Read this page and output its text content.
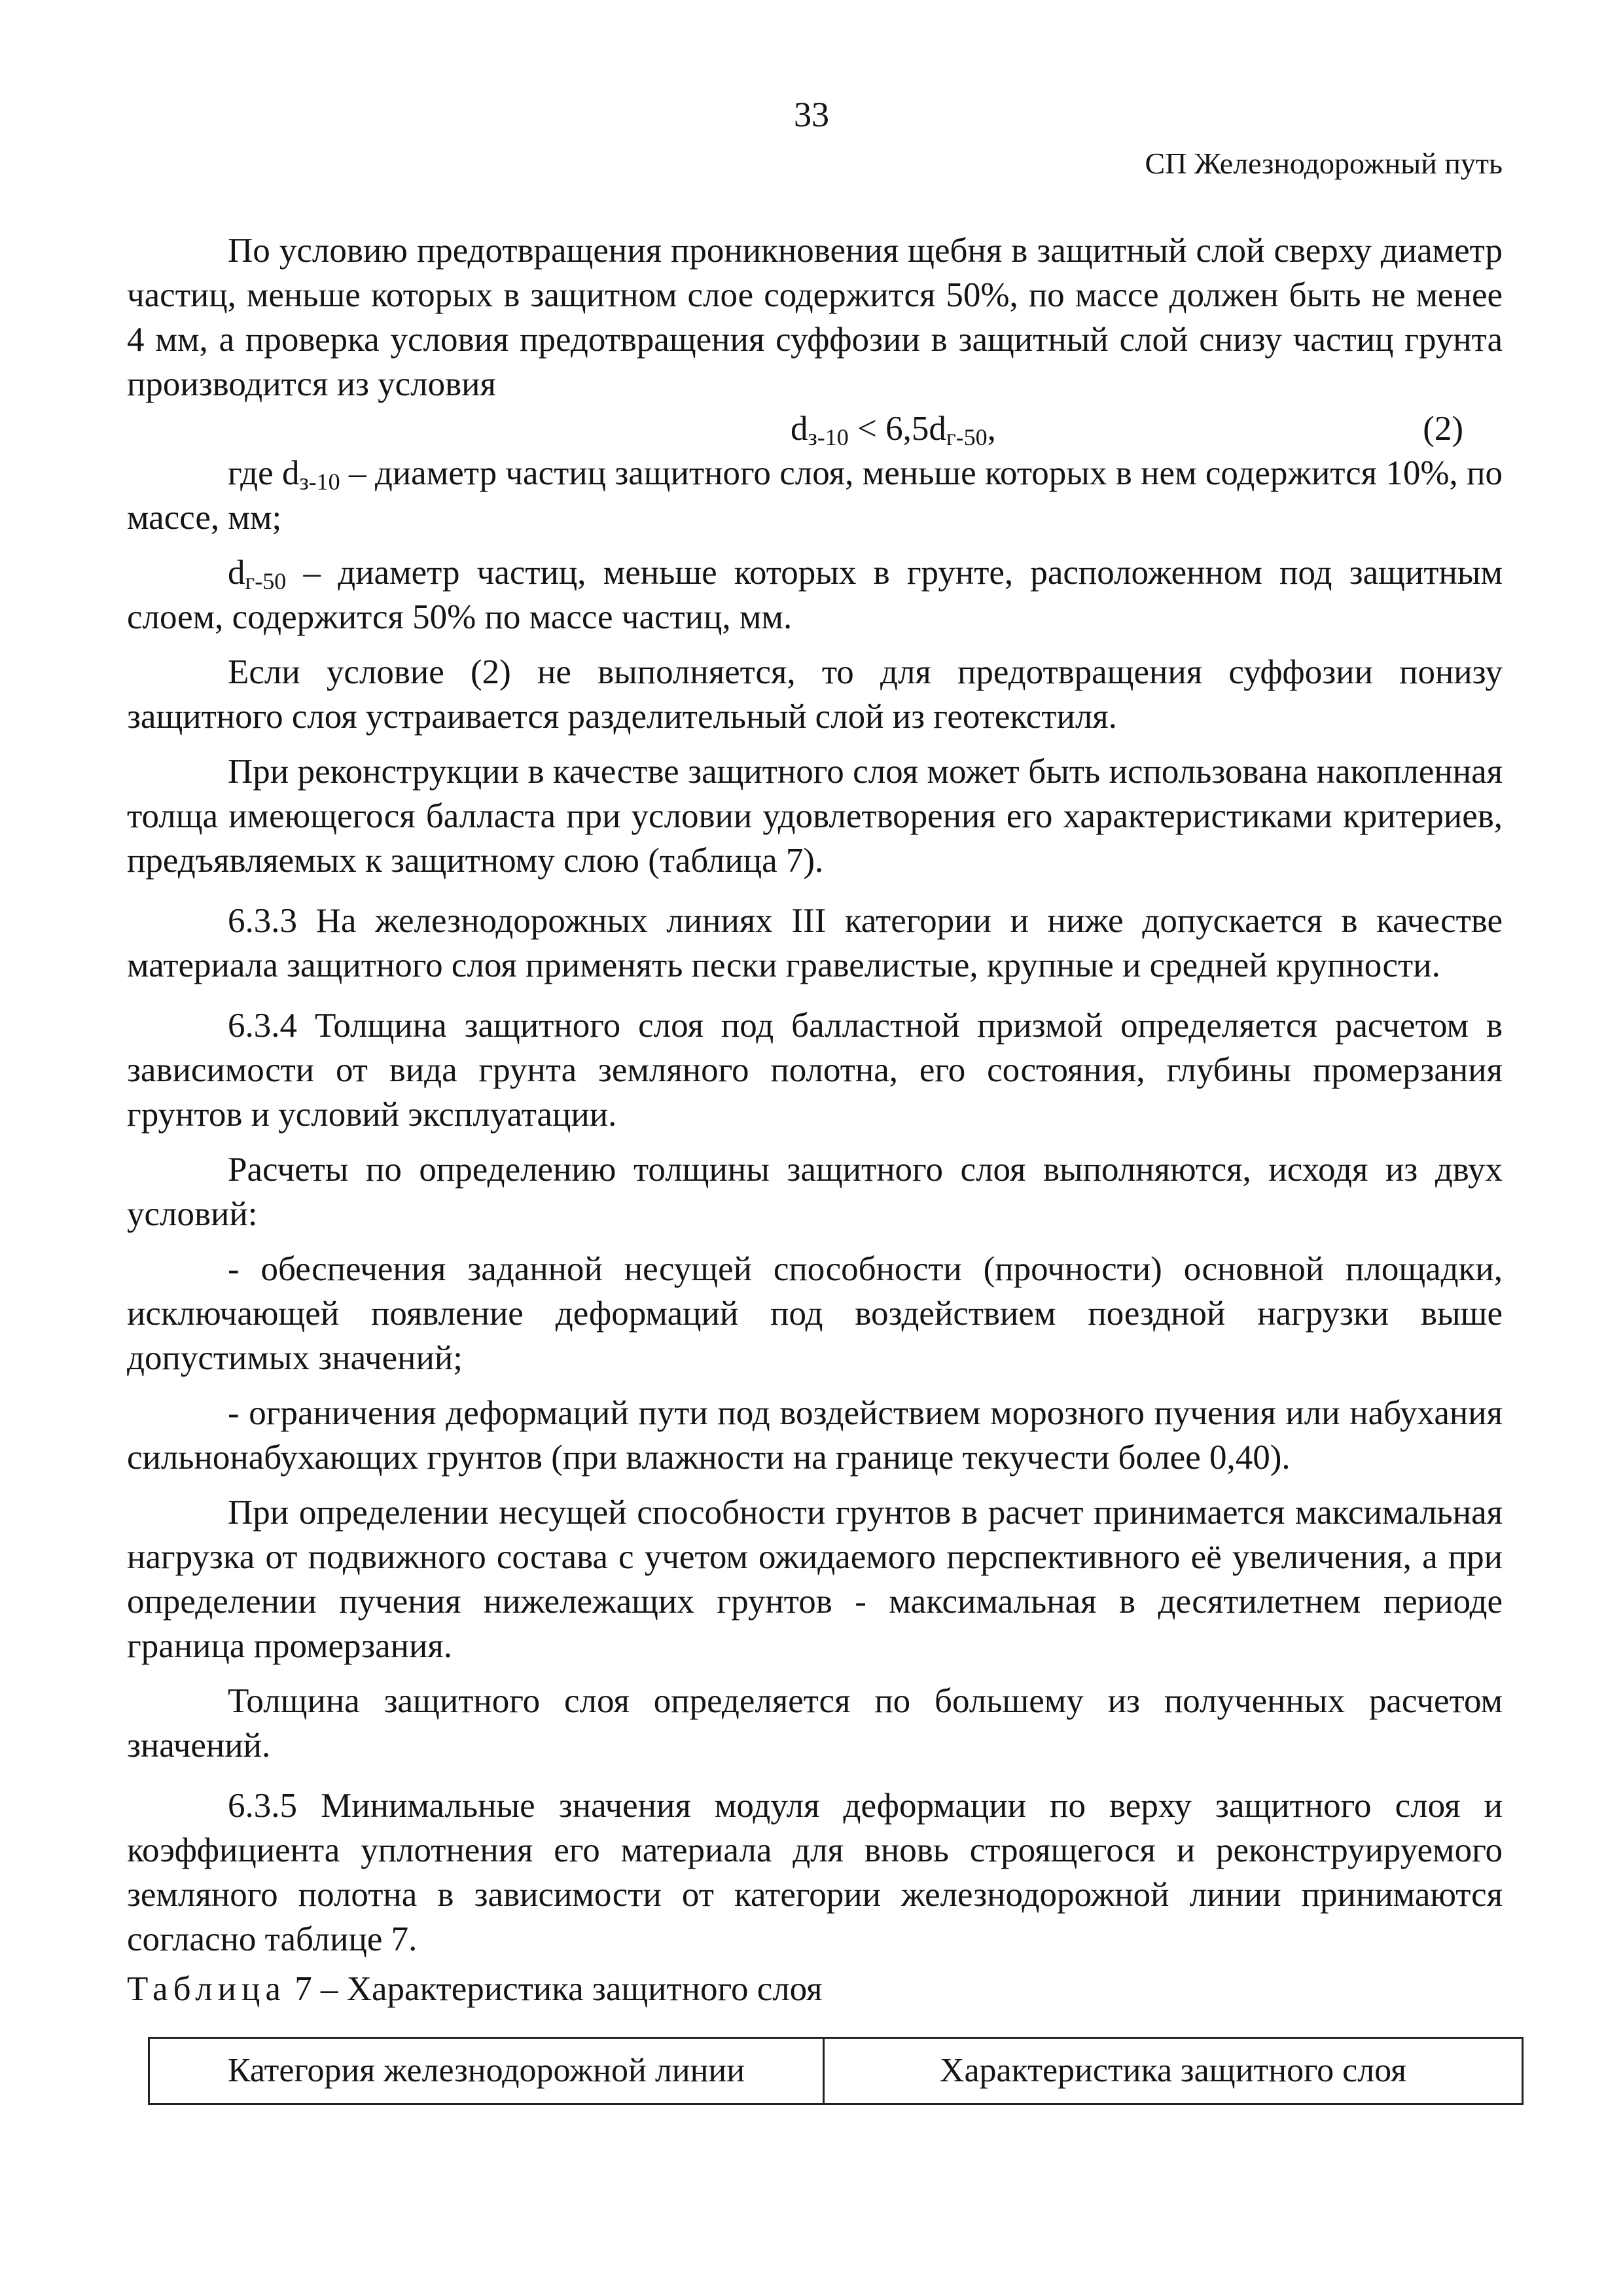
33
СП Железнодорожный путь

По условию предотвращения проникновения щебня в защитный слой сверху диаметр частиц, меньше которых в защитном слое содержится 50%, по массе должен быть не менее 4 мм, а проверка условия предотвращения суффозии в защитный слой снизу частиц грунта производится из условия

$d_{з-10} < 6,5d_{г-50}$,	(2)

где $d_{з-10}$ – диаметр частиц защитного слоя, меньше которых в нем содержится 10%, по массе, мм;

$d_{г-50}$ – диаметр частиц, меньше которых в грунте, расположенном под защитным слоем, содержится 50% по массе частиц, мм.

Если условие (2) не выполняется, то для предотвращения суффозии понизу защитного слоя устраивается разделительный слой из геотекстиля.

При реконструкции в качестве защитного слоя может быть использована накопленная толща имеющегося балласта при условии удовлетворения его характеристиками критериев, предъявляемых к защитному слою (таблица 7).

6.3.3 На железнодорожных линиях III категории и ниже допускается в качестве материала защитного слоя применять пески гравелистые, крупные и средней крупности.

6.3.4 Толщина защитного слоя под балластной призмой определяется расчетом в зависимости от вида грунта земляного полотна, его состояния, глубины промерзания грунтов и условий эксплуатации.

Расчеты по определению толщины защитного слоя выполняются, исходя из двух условий:

- обеспечения заданной несущей способности (прочности) основной площадки, исключающей появление деформаций под воздействием поездной нагрузки выше допустимых значений;

- ограничения деформаций пути под воздействием морозного пучения или набухания сильнонабухающих грунтов (при влажности на границе текучести более 0,40).

При определении несущей способности грунтов в расчет принимается максимальная нагрузка от подвижного состава с учетом ожидаемого перспективного её увеличения, а при определении пучения нижележащих грунтов - максимальная в десятилетнем периоде граница промерзания.

Толщина защитного слоя определяется по большему из полученных расчетом значений.

6.3.5 Минимальные значения модуля деформации по верху защитного слоя и коэффициента уплотнения его материала для вновь строящегося и реконструируемого земляного полотна в зависимости от категории железнодорожной линии принимаются согласно таблице 7.

Таблица 7 – Характеристика защитного слоя

Категория железнодорожной линии	Характеристика защитного слоя
